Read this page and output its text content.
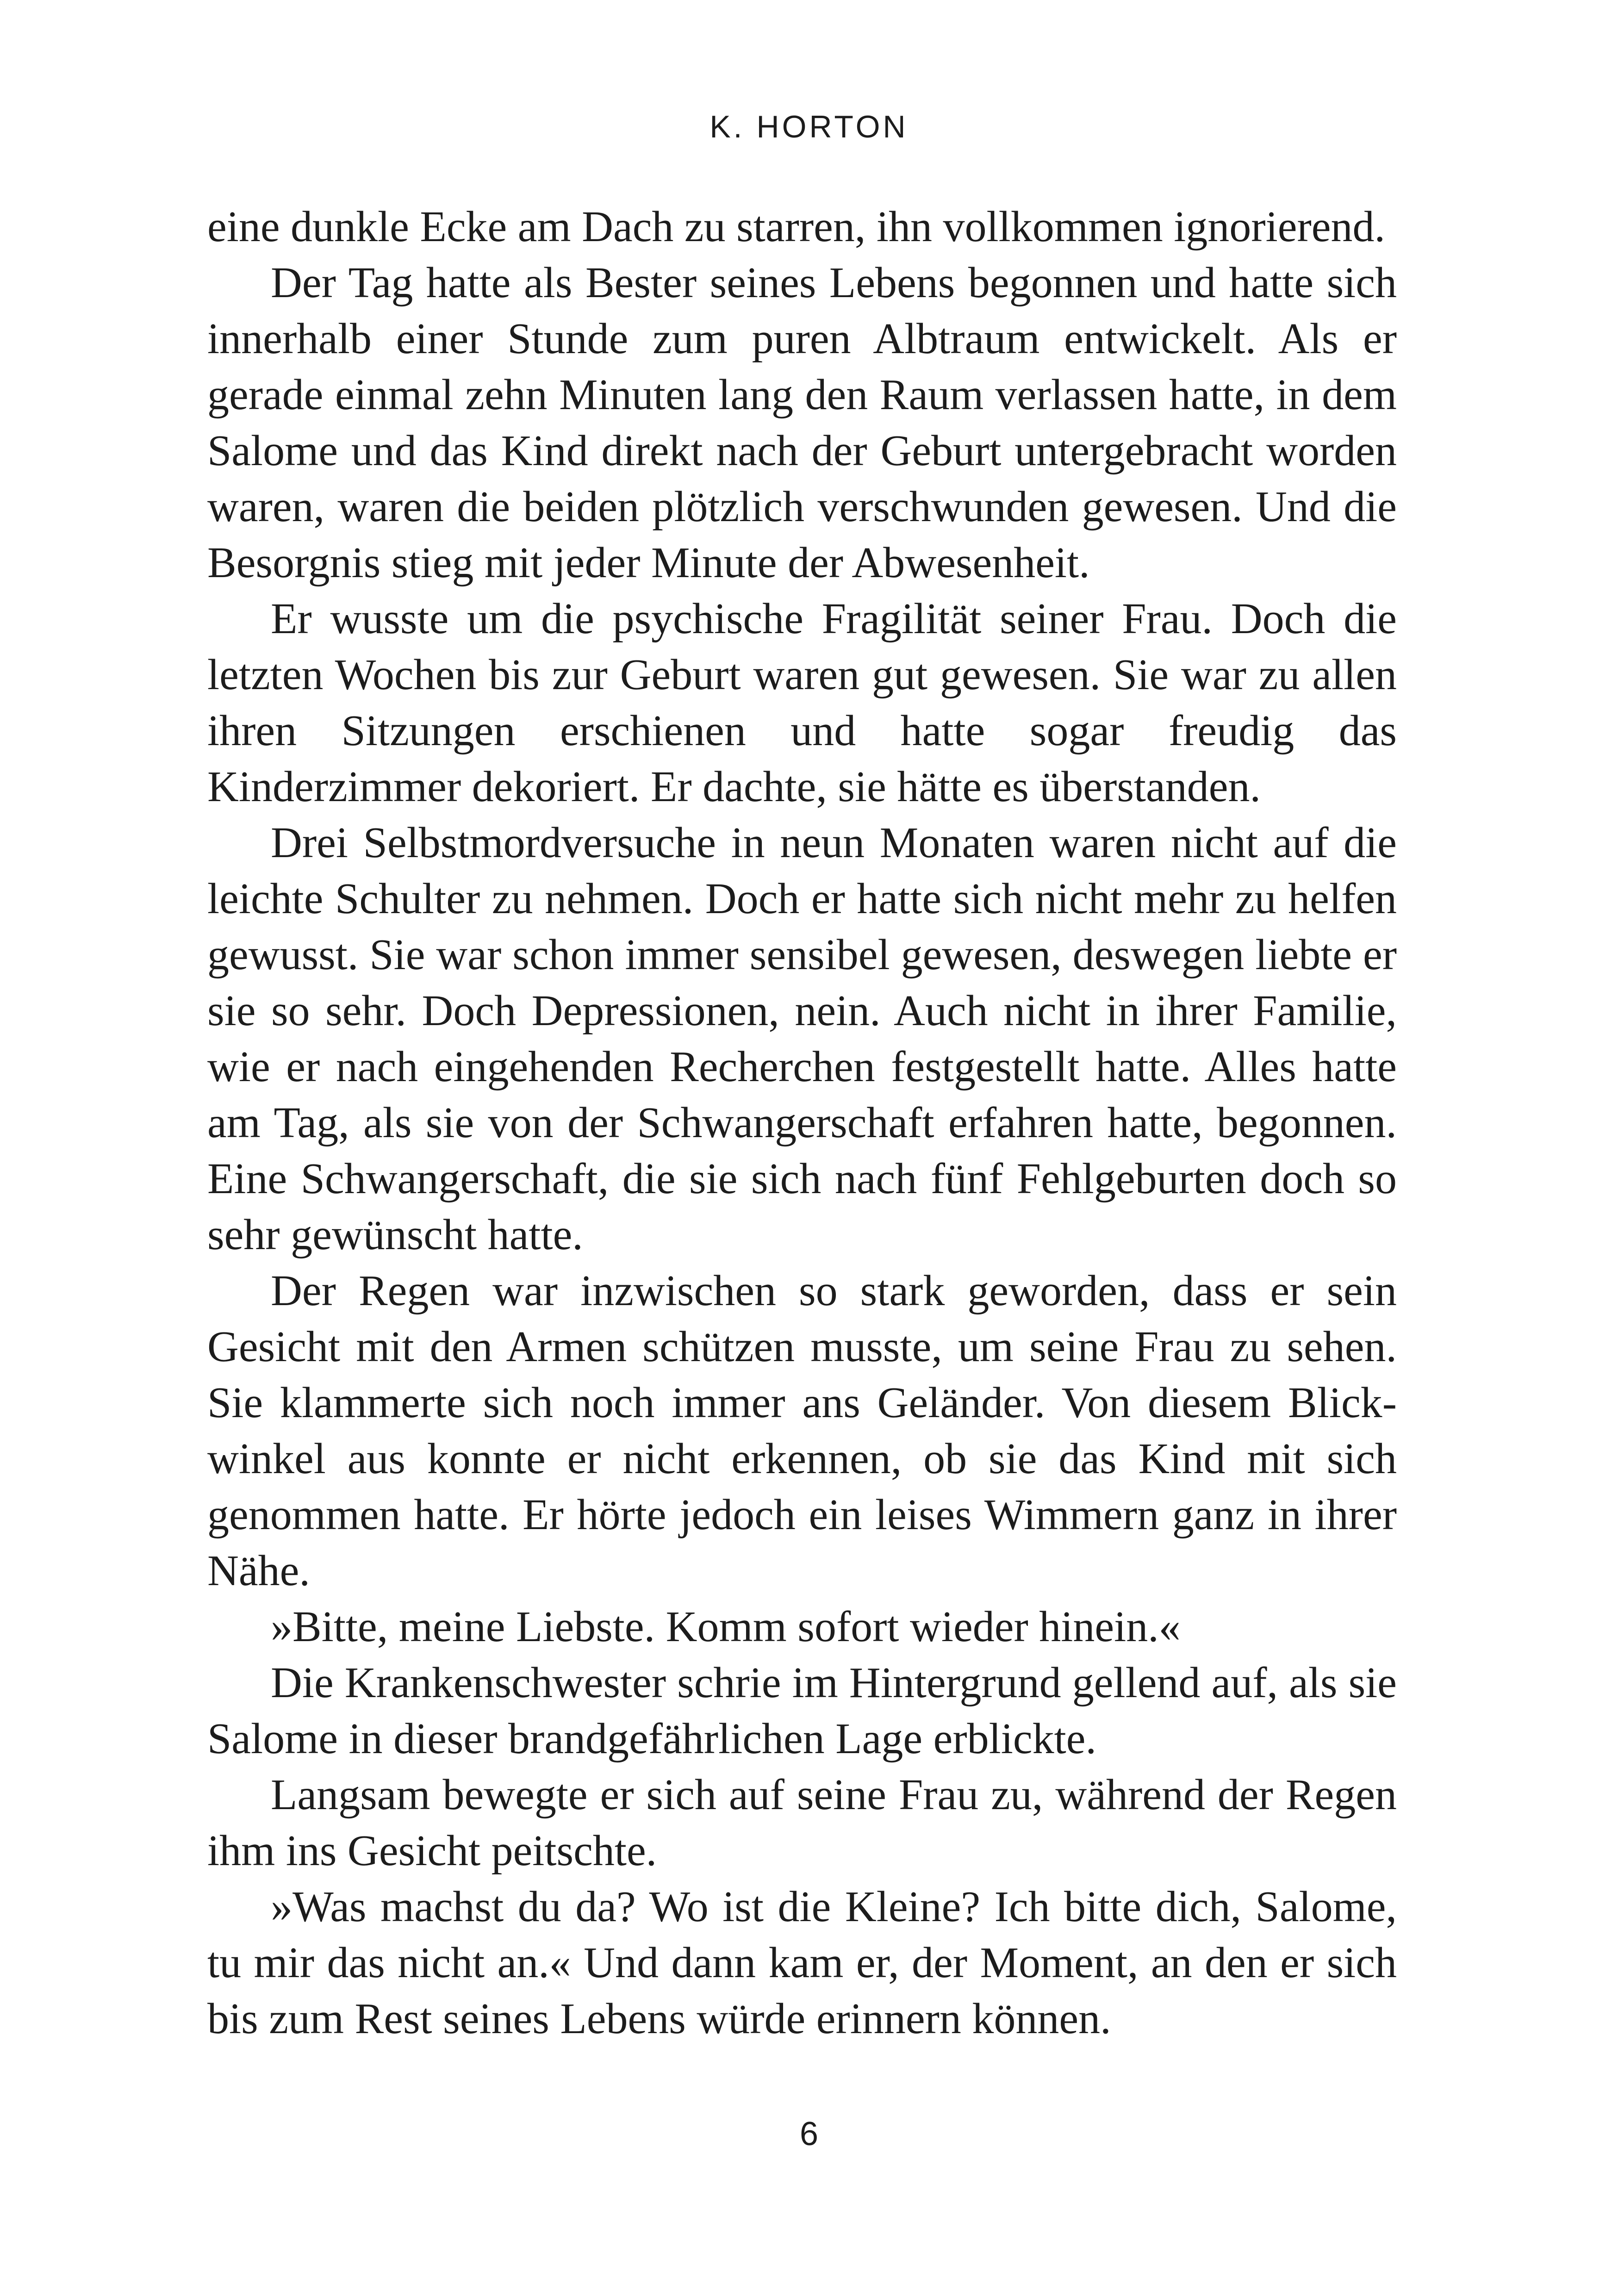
K. HORTON

eine dunkle Ecke am Dach zu starren, ihn vollkommen ignorierend.

Der Tag hatte als Bester seines Lebens begonnen und hatte sich innerhalb einer Stunde zum puren Albtraum entwickelt. Als er gerade einmal zehn Minuten lang den Raum verlassen hatte, in dem Salome und das Kind direkt nach der Geburt untergebracht worden waren, waren die beiden plötzlich verschwunden gewesen. Und die Besorgnis stieg mit jeder Minute der Abwesenheit.

Er wusste um die psychische Fragilität seiner Frau. Doch die letzten Wochen bis zur Geburt waren gut gewesen. Sie war zu allen ihren Sitzungen erschienen und hatte sogar freudig das Kinderzimmer dekoriert. Er dachte, sie hätte es überstanden.

Drei Selbstmordversuche in neun Monaten waren nicht auf die leichte Schulter zu nehmen. Doch er hatte sich nicht mehr zu helfen gewusst. Sie war schon immer sensibel gewesen, deswegen liebte er sie so sehr. Doch Depressionen, nein. Auch nicht in ihrer Familie, wie er nach eingehenden Recherchen festgestellt hatte. Alles hatte am Tag, als sie von der Schwangerschaft erfahren hatte, begonnen. Eine Schwangerschaft, die sie sich nach fünf Fehlgeburten doch so sehr gewünscht hatte.

Der Regen war inzwischen so stark geworden, dass er sein Gesicht mit den Armen schützen musste, um seine Frau zu sehen. Sie klammerte sich noch immer ans Geländer. Von diesem Blickwinkel aus konnte er nicht erkennen, ob sie das Kind mit sich genommen hatte. Er hörte jedoch ein leises Wimmern ganz in ihrer Nähe.

»Bitte, meine Liebste. Komm sofort wieder hinein.«

Die Krankenschwester schrie im Hintergrund gellend auf, als sie Salome in dieser brandgefährlichen Lage erblickte.

Langsam bewegte er sich auf seine Frau zu, während der Regen ihm ins Gesicht peitschte.

»Was machst du da? Wo ist die Kleine? Ich bitte dich, Salome, tu mir das nicht an.« Und dann kam er, der Moment, an den er sich bis zum Rest seines Lebens würde erinnern können.

6
